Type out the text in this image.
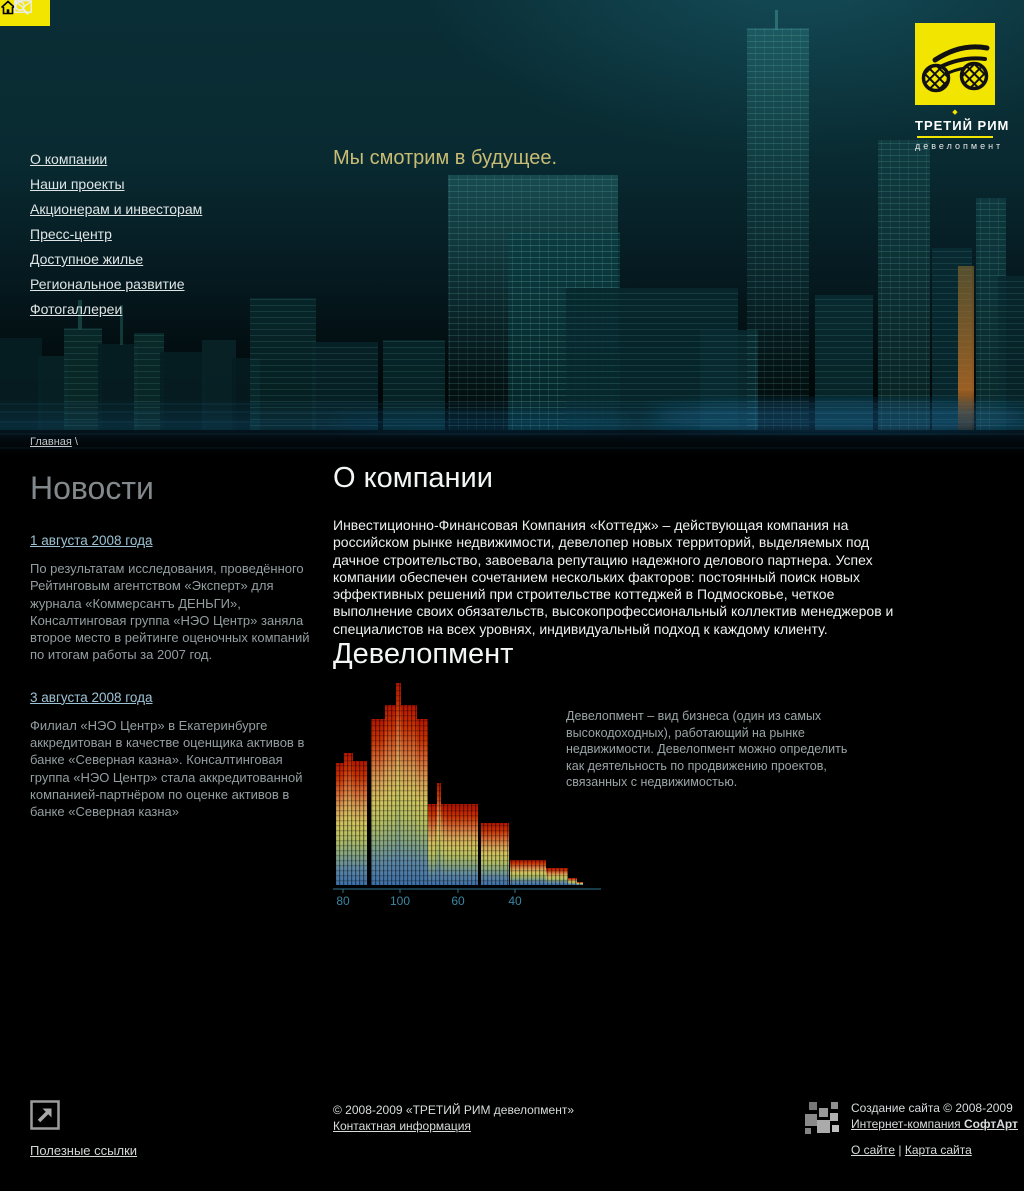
◆
ТРЕТИЙ РИМ
девелопмент
О компании
Наши проекты
Акционерам и инвесторам
Пресс-центр
Доступное жилье
Региональное развитие
Фотогаллереи
Мы смотрим в будущее.
Главная \
Новости
1 августа 2008 года

По результатам исследования, проведённого Рейтинговым агентством «Эксперт» для журнала «Коммерсантъ ДЕНЬГИ», Консалтинговая группа «НЭО Центр» заняла второе место в рейтинге оценочных компаний по итогам работы за 2007 год.

3 августа 2008 года

Филиал «НЭО Центр» в Екатеринбурге аккредитован в качестве оценщика активов в банке «Северная казна». Консалтинговая группа «НЭО Центр» стала аккредитованной компанией-партнёром по оценке активов в банке «Северная казна»

О компании

Инвестиционно-Финансовая Компания «Коттедж» – действующая компания на российском рынке недвижимости, девелопер новых территорий, выделяемых под дачное строительство, завоевала репутацию надежного делового партнера. Успех компании обеспечен сочетанием нескольких факторов: постоянный поиск новых эффективных решений при строительстве коттеджей в Подмосковье, четкое выполнение своих обязательств, высокопрофессиональный коллектив менеджеров и специалистов на всех уровнях, индивидуальный подход к каждому клиенту.

Девелопмент
80	100	60	40

Девелопмент – вид бизнеса (один из самых высокодоходных), работающий на рынке недвижимости. Девелопмент можно определить как деятельность по продвижению проектов, связанных с недвижимостью.

Полезные ссылки
© 2008-2009 «ТРЕТИЙ РИМ девелопмент»
Контактная информация
Создание сайта © 2008-2009
Интернет-компания СофтАрт
О сайте | Карта сайта
